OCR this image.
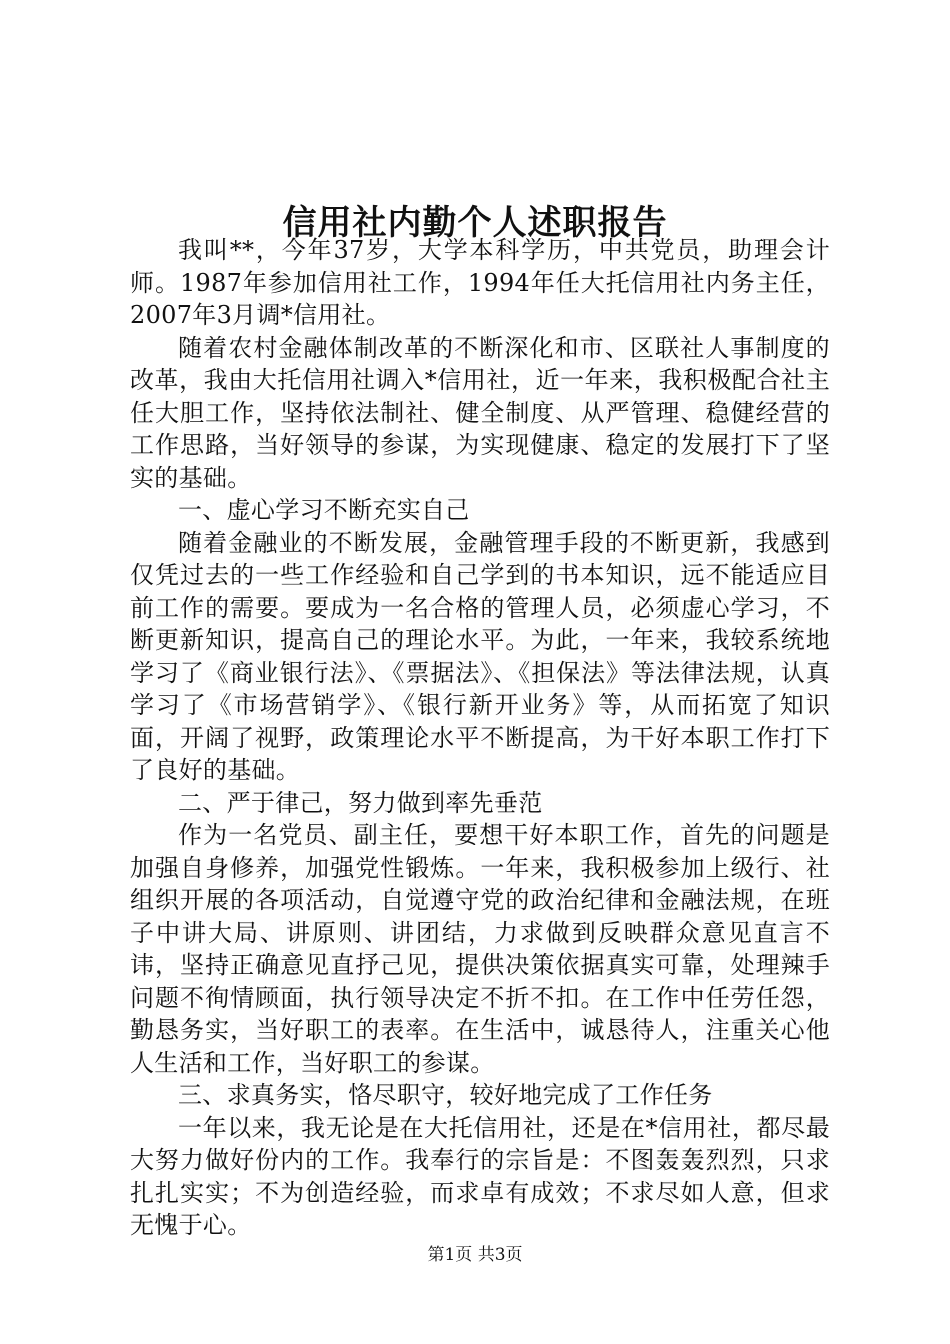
信用社内勤个人述职报告

我叫**，今年37岁，大学本科学历，中共党员，助理会计师。1987年参加信用社工作，1994年任大托信用社内务主任，2007年3月调*信用社。

随着农村金融体制改革的不断深化和市、区联社人事制度的改革，我由大托信用社调入*信用社，近一年来，我积极配合社主任大胆工作，坚持依法制社、健全制度、从严管理、稳健经营的工作思路，当好领导的参谋，为实现健康、稳定的发展打下了坚实的基础。

一、虚心学习不断充实自己

随着金融业的不断发展，金融管理手段的不断更新，我感到仅凭过去的一些工作经验和自己学到的书本知识，远不能适应目前工作的需要。要成为一名合格的管理人员，必须虚心学习，不断更新知识，提高自己的理论水平。为此，一年来，我较系统地学习了《商业银行法》、《票据法》、《担保法》等法律法规，认真学习了《市场营销学》、《银行新开业务》等，从而拓宽了知识面，开阔了视野，政策理论水平不断提高，为干好本职工作打下了良好的基础。

二、严于律己，努力做到率先垂范

作为一名党员、副主任，要想干好本职工作，首先的问题是加强自身修养，加强党性锻炼。一年来，我积极参加上级行、社组织开展的各项活动，自觉遵守党的政治纪律和金融法规，在班子中讲大局、讲原则、讲团结，力求做到反映群众意见直言不讳，坚持正确意见直抒己见，提供决策依据真实可靠，处理辣手问题不徇情顾面，执行领导决定不折不扣。在工作中任劳任怨，勤恳务实，当好职工的表率。在生活中，诚恳待人，注重关心他人生活和工作，当好职工的参谋。

三、求真务实，恪尽职守，较好地完成了工作任务

一年以来，我无论是在大托信用社，还是在*信用社，都尽最大努力做好份内的工作。我奉行的宗旨是：不图轰轰烈烈，只求扎扎实实；不为创造经验，而求卓有成效；不求尽如人意，但求无愧于心。

第1页 共3页
